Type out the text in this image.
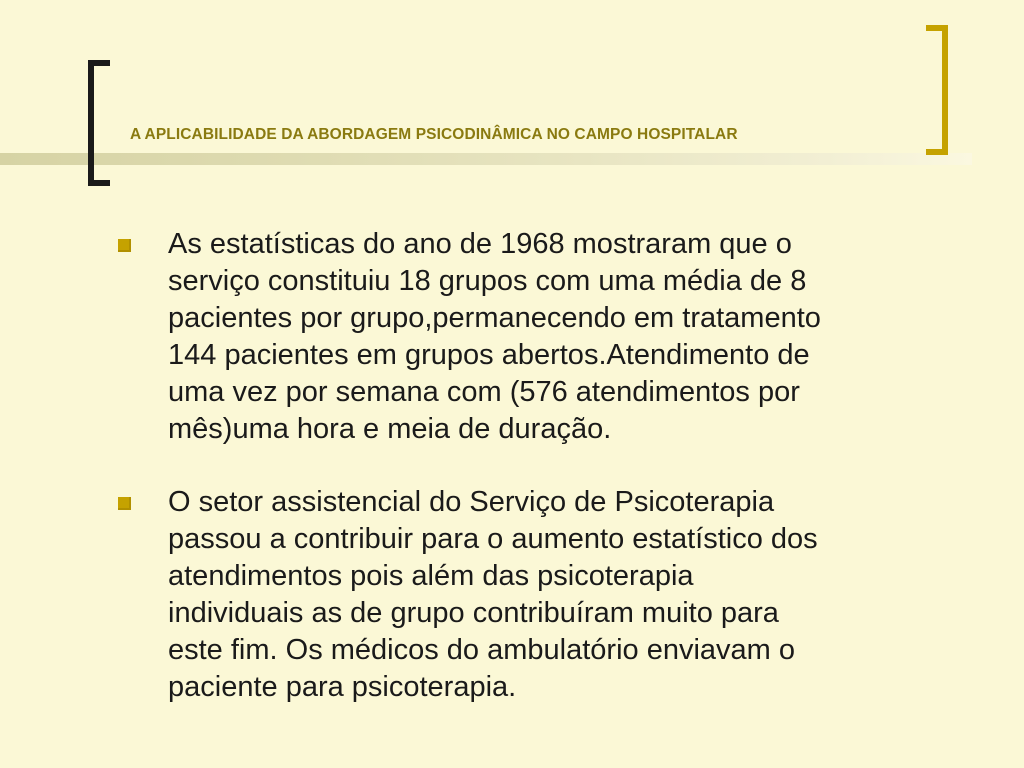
A APLICABILIDADE DA ABORDAGEM PSICODINÂMICA NO CAMPO HOSPITALAR
As estatísticas do ano de 1968 mostraram que o
serviço constituiu 18 grupos com uma média de 8
pacientes por grupo,permanecendo em tratamento
144 pacientes em grupos abertos.Atendimento de
uma vez por semana com (576 atendimentos por
mês)uma hora e meia de duração.
O setor assistencial do Serviço de Psicoterapia
passou a contribuir para o aumento estatístico dos
atendimentos pois além das psicoterapia
individuais as de grupo contribuíram muito para
este fim. Os médicos do ambulatório enviavam o
paciente para psicoterapia.
